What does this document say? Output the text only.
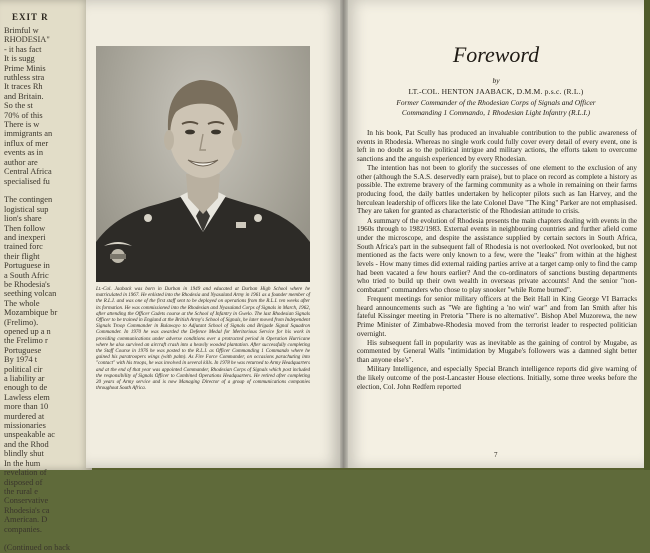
EXIT R
Brimful w
RHODESIA"
- it has fact
It is sugg
Prime Minis
ruthless stra
It traces Rh
and Britain.
So the st
70% of this
There is w
immigrants an
influx of mer
events as in
author are
Central Africa
specialised fu

The contingen
logistical sup
lion's share
Then follow
and inexperi
trained forc
their flight
Portuguese in
a South Afric
be Rhodesia's
seething volcan
The whole
Mozambique br
(Frelimo).
opened up a n
the Frelimo r
Portuguese
By 1974 t
political cir
a liability ar
enough to de
Lawless elem
more than 10
murdered at
missionaries
unspeakable ac
and the Rhod
blindly shut
In the hum
revelation of
disposed of
the rural e
Conservative
Rhodesia's ca
American. D
companies.

(Continued on back
Lt.-Col. Jaaback was born in Durban in 1949 and educated at Durban High School where he matriculated in 1967. He enlisted into the Rhodesia and Nyasaland Army in 1961 as a founder member of the R.L.I. and was one of the first staff sent to be deployed on operations from the R.L.I. ten weeks after its formation. He was commissioned into the Rhodesian and Nyasaland Corps of Signals in March, 1962, after attending the Officer Cadets course at the School of Infantry in Gwelo. The last Rhodesian Signals Officer to be trained in England at the British Army's School of Signals, he later moved from Independent Signals Troop Commander in Bulawayo to Adjutant School of Signals and Brigade Signal Squadron Commander. In 1970 he was awarded the Defence Medal for Meritorious Service for his work in providing communications under adverse conditions over a protracted period in Operation Hurricane where he also survived an aircraft crash into a heavily wooded plantation. After successfully completing the Staff Course in 1976 he was posted to the R.L.I. as Officer Commanding 1 Commando where he gained his paratroopers wings (with palm). As Fire Force Commander, on occasions parachuting into "contact" with his troops, he was involved in several kills. In 1978 he was returned to Army Headquarters and at the end of that year was appointed Commander, Rhodesian Corps of Signals which post included the responsibility of Signals Officer to Combined Operations Headquarters. He retired after completing 20 years of Army service and is now Managing Director of a group of communications companies throughout South Africa.
Foreword
by
LT.-COL. HENTON JAABACK, D.M.M. p.s.c. (R.L.)
Former Commander of the Rhodesian Corps of Signals and Officer
Commanding 1 Commando, 1 Rhodesian Light Infantry (R.L.I.)

In his book, Pat Scully has produced an invaluable contribution to the public awareness of events in Rhodesia. Whereas no single work could fully cover every detail of every event, one is left in no doubt as to the political intrigue and military actions, the efforts taken to overcome sanctions and the anguish experienced by every Rhodesian.

The intention has not been to glorify the successes of one element to the exclusion of any other (although the S.A.S. deservedly earn praise), but to place on record as complete a history as possible. The extreme bravery of the farming community as a whole in remaining on their farms producing food, the daily battles undertaken by helicopter pilots such as Ian Harvey, and the herculean leadership of officers like the late Colonel Dave "The King" Parker are not emphasised. They are taken for granted as characteristic of the Rhodesian attitude to crisis.

A summary of the evolution of Rhodesia presents the main chapters dealing with events in the 1960s through to 1982/1983. External events in neighbouring countries and further afield come under the microscope, and despite the assistance supplied by certain sectors in South Africa, South Africa's part in the subsequent fall of Rhodesia is not overlooked. Not overlooked, but not mentioned as the facts were only known to a few, were the "leaks" from within at the highest levels - How many times did external raiding parties arrive at a target camp only to find the camp had been vacated a few hours earlier? And the co-ordinators of sanctions busting departments who tried to build up their own wealth in overseas private accounts! And the senior "non-combatant" commanders who chose to play snooker "while Rome burned".

Frequent meetings for senior military officers at the Beit Hall in King George VI Barracks heard announcements such as "We are fighting a 'no win' war" and from Ian Smith after his fateful Kissinger meeting in Pretoria "There is no alternative". Bishop Abel Muzorewa, the new Prime Minister of Zimbabwe-Rhodesia moved from the terrorist leader to respected politician overnight.

His subsequent fall in popularity was as inevitable as the gaining of control by Mugabe, as commented by General Walls "intimidation by Mugabe's followers was a damned sight better than anyone else's".

Military Intelligence, and especially Special Branch intelligence reports did give warning of the likely outcome of the post-Lancaster House elections. Initially, some three weeks before the election, Col. John Redfern reported

7
